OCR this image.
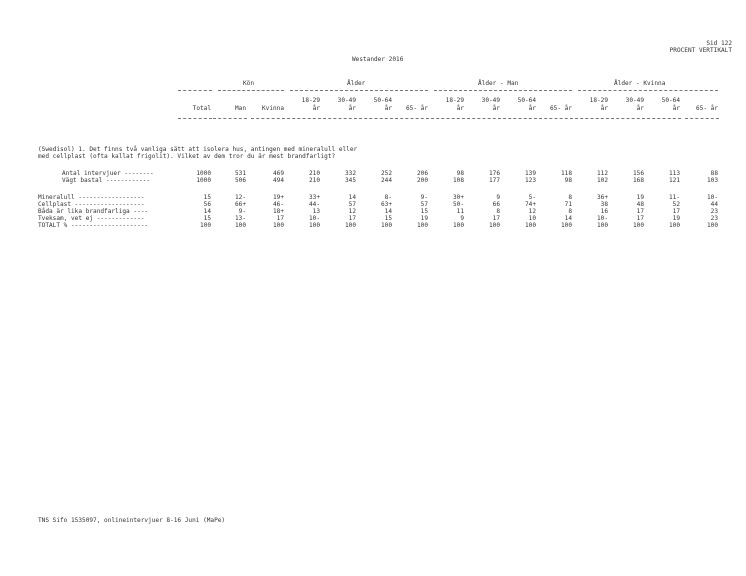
Sid 122
PROCENT VERTIKALT
Westander 2016
Kön	Ålder	Ålder - Man	Ålder - Kvinna
Total	Man	Kvinna
18-29
år
30-49
år
50-64
år	65- år
18-29
år
30-49
år
50-64
år	65- år
18-29
år
30-49
år
50-64
år	65- år
(Swedisol) 1. Det finns två vanliga sätt att isolera hus, antingen med mineralull eller
med cellplast (ofta kallat frigolit). Vilket av dem tror du är mest brandfarligt?
Antal intervjuer --------	1000	531	469	210	332	252	206	98	176	139	118	112	156	113	88
Vägt bastal ------------	1000	506	494	210	345	244	200	108	177	123	98	102	168	121	103
Mineralull ------------------	15	12-	19+	33+	14	8-	9-	30+	9	5-	8	36+	19	11-	10-
Cellplast -------------------	56	66+	46-	44-	57	63+	57	50-	66	74+	71	38	48	52	44
Båda är lika brandfarliga ----	14	9-	18+	13	12	14	15	11	8	12	8	16	17	17	23
Tveksam, vet ej -------------	15	13-	17	10-	17	15	19	9	17	10	14	10-	17	19	23
TOTALT % ---------------------	100	100	100	100	100	100	100	100	100	100	100	100	100	100	100
TNS Sifo 1535097, onlineintervjuer 8-16 Juni (MaPe)
